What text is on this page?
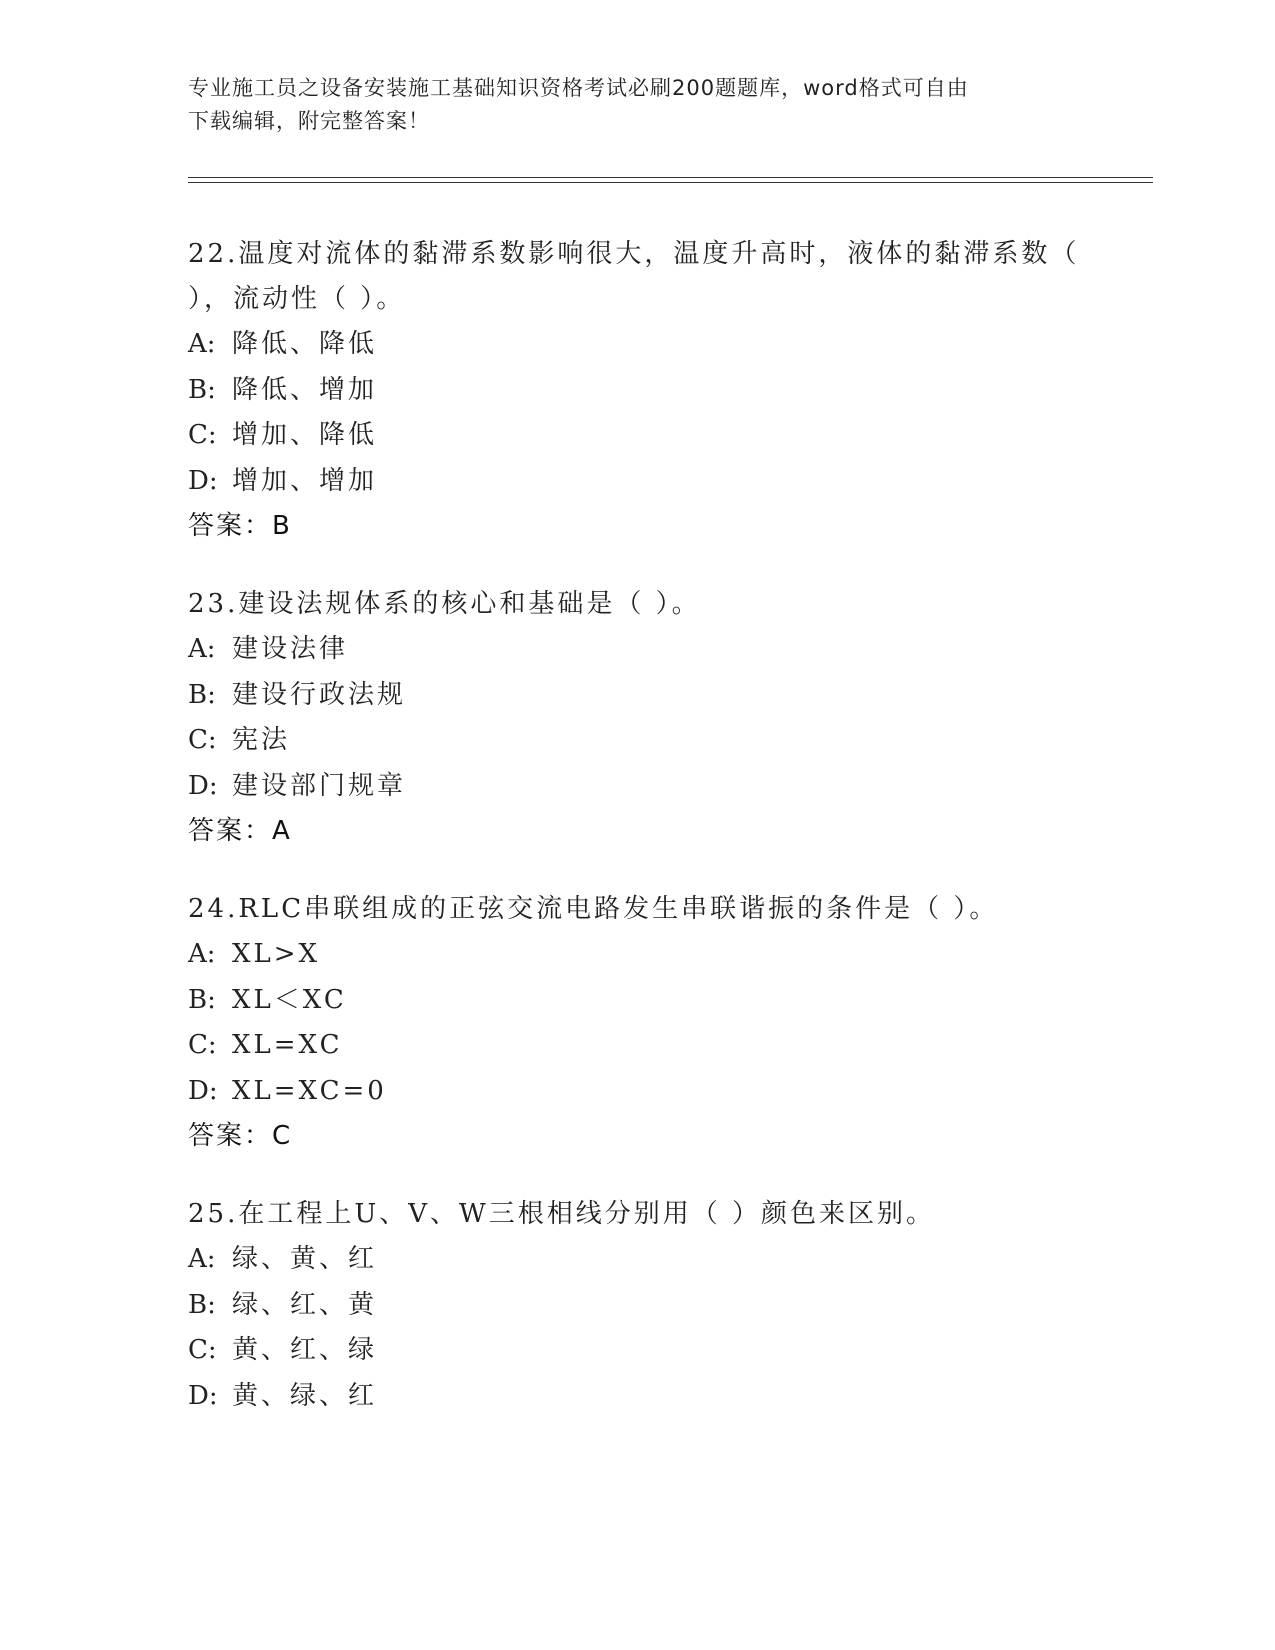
专业施工员之设备安装施工基础知识资格考试必刷200题题库，word格式可自由
下载编辑，附完整答案！
22.温度对流体的黏滞系数影响很大，温度升高时，液体的黏滞系数（
），流动性（ ）。
A: 降低、降低
B: 降低、增加
C: 增加、降低
D: 增加、增加
答案：B
23.建设法规体系的核心和基础是（ ）。
A: 建设法律
B: 建设行政法规
C: 宪法
D: 建设部门规章
答案：A
24.RLC串联组成的正弦交流电路发生串联谐振的条件是（ ）。
A: XL>X
B: XL＜XC
C: XL=XC
D: XL=XC=0
答案：C
25.在工程上U、V、W三根相线分别用（ ）颜色来区别。
A: 绿、黄、红
B: 绿、红、黄
C: 黄、红、绿
D: 黄、绿、红
